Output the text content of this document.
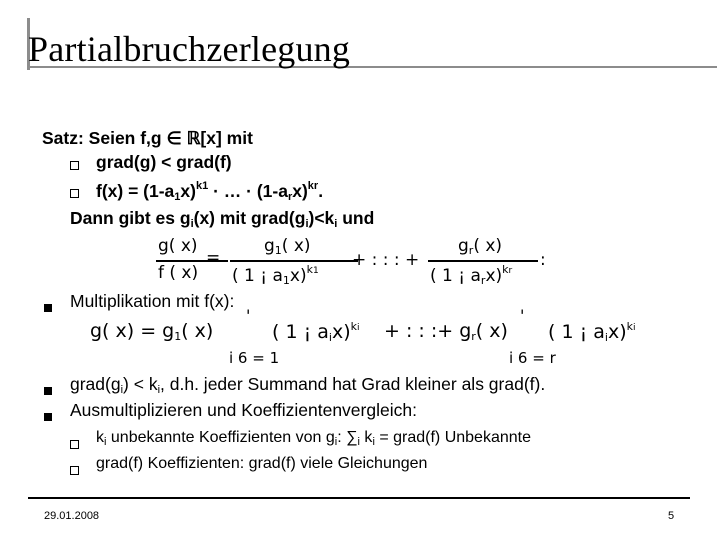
Partialbruchzerlegung
Satz: Seien f,g ∈ ℝ[x] mit
grad(g) < grad(f)
$f(x) = (1-a_1x)^{k1}$ · … · $(1-a_rx)^{kr}$.
Dann gibt es $g_i(x)$ mit $grad(g_i)<k_i$ und
g( x)
f ( x)
=
$g_1$( x)
( 1 ¡ $a_1x)^{k1}$
+ : : : +
$g_r$( x)
( 1 ¡ $a_rx)^{kr}$
:
Multiplikation mit f(x):
g( $x) = g_1$( x)
'
( 1 ¡ $a_ix)^{ki}$ + : : :+ $g_r$( x)
'
( 1 ¡ $a_ix)^{ki}$
i 6 = 1	i 6 = r
$grad(g_i) < k_i$, d.h. jeder Summand hat Grad kleiner als grad(f).
Ausmultiplizieren und Koeffizientenvergleich:
$k_i$ unbekannte Koeffizienten von $g_i$: $\sum_i$ $k_i$ = grad(f) Unbekannte
grad(f) Koeffizienten: grad(f) viele Gleichungen
29.01.2008	5
